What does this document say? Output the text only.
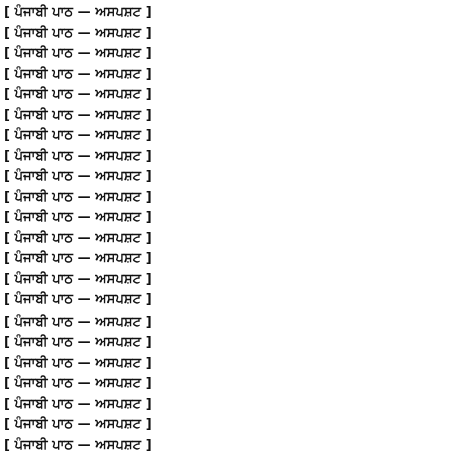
[ ਪੰਜਾਬੀ ਪਾਠ — ਅਸਪਸ਼ਟ ]
[ ਪੰਜਾਬੀ ਪਾਠ — ਅਸਪਸ਼ਟ ]
[ ਪੰਜਾਬੀ ਪਾਠ — ਅਸਪਸ਼ਟ ]
[ ਪੰਜਾਬੀ ਪਾਠ — ਅਸਪਸ਼ਟ ]
[ ਪੰਜਾਬੀ ਪਾਠ — ਅਸਪਸ਼ਟ ]
[ ਪੰਜਾਬੀ ਪਾਠ — ਅਸਪਸ਼ਟ ]
[ ਪੰਜਾਬੀ ਪਾਠ — ਅਸਪਸ਼ਟ ]
[ ਪੰਜਾਬੀ ਪਾਠ — ਅਸਪਸ਼ਟ ]
[ ਪੰਜਾਬੀ ਪਾਠ — ਅਸਪਸ਼ਟ ]
[ ਪੰਜਾਬੀ ਪਾਠ — ਅਸਪਸ਼ਟ ]
[ ਪੰਜਾਬੀ ਪਾਠ — ਅਸਪਸ਼ਟ ]
[ ਪੰਜਾਬੀ ਪਾਠ — ਅਸਪਸ਼ਟ ]
[ ਪੰਜਾਬੀ ਪਾਠ — ਅਸਪਸ਼ਟ ]
[ ਪੰਜਾਬੀ ਪਾਠ — ਅਸਪਸ਼ਟ ]
[ ਪੰਜਾਬੀ ਪਾਠ — ਅਸਪਸ਼ਟ ]
[ ਪੰਜਾਬੀ ਪਾਠ — ਅਸਪਸ਼ਟ ]
[ ਪੰਜਾਬੀ ਪਾਠ — ਅਸਪਸ਼ਟ ]
[ ਪੰਜਾਬੀ ਪਾਠ — ਅਸਪਸ਼ਟ ]
[ ਪੰਜਾਬੀ ਪਾਠ — ਅਸਪਸ਼ਟ ]
[ ਪੰਜਾਬੀ ਪਾਠ — ਅਸਪਸ਼ਟ ]
[ ਪੰਜਾਬੀ ਪਾਠ — ਅਸਪਸ਼ਟ ]
[ ਪੰਜਾਬੀ ਪਾਠ — ਅਸਪਸ਼ਟ ]
